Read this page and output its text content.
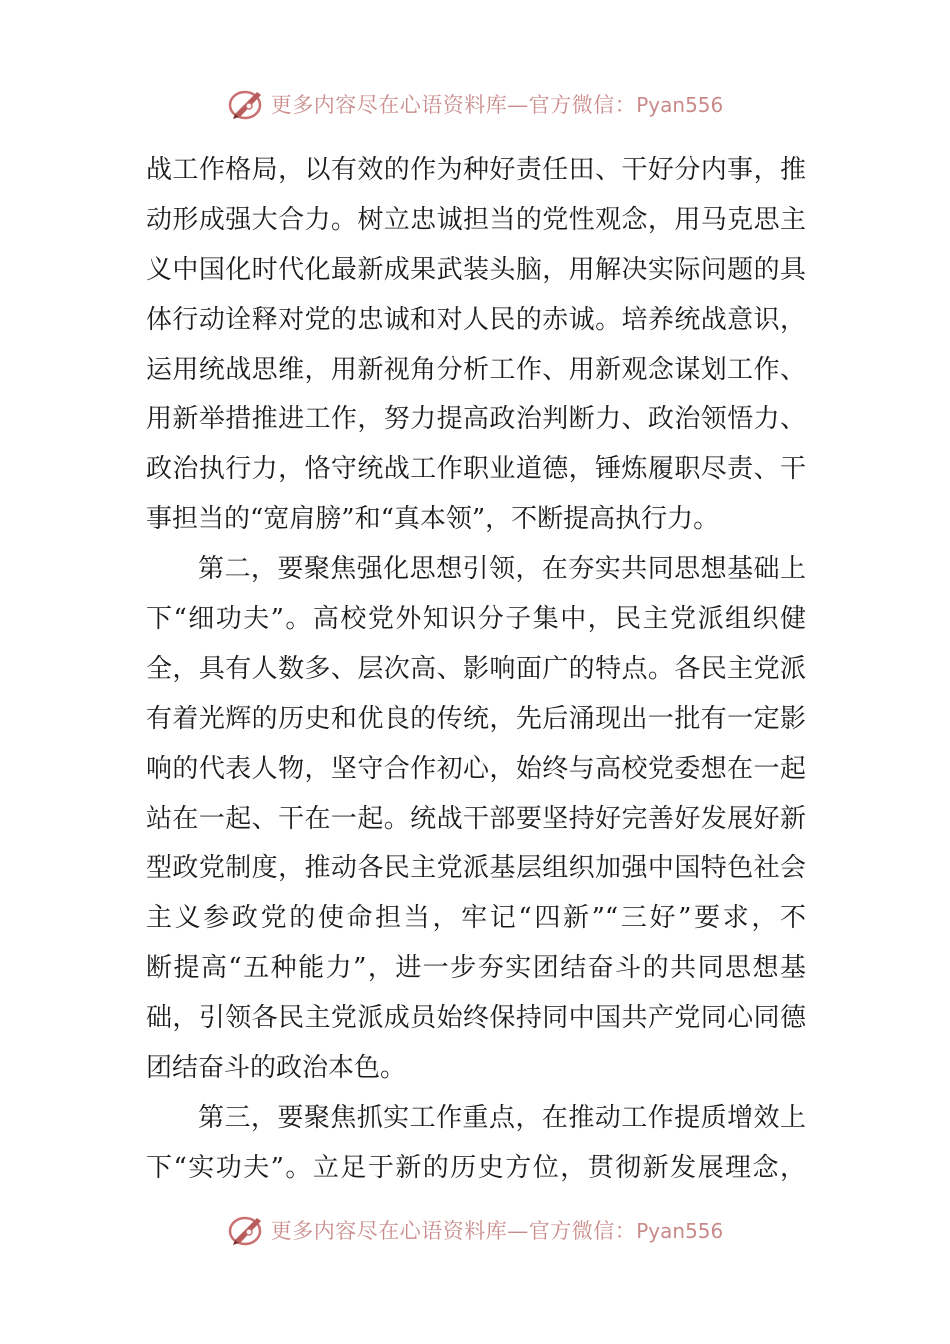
更多内容尽在心语资料库—官方微信：Pyan556
战工作格局，以有效的作为种好责任田、干好分内事，推
动形成强大合力。树立忠诚担当的党性观念，用马克思主
义中国化时代化最新成果武装头脑，用解决实际问题的具
体行动诠释对党的忠诚和对人民的赤诚。培养统战意识，
运用统战思维，用新视角分析工作、用新观念谋划工作、
用新举措推进工作，努力提高政治判断力、政治领悟力、
政治执行力，恪守统战工作职业道德，锤炼履职尽责、干
事担当的“宽肩膀”和“真本领”，不断提高执行力。
第二，要聚焦强化思想引领，在夯实共同思想基础上
下“细功夫”。高校党外知识分子集中，民主党派组织健
全，具有人数多、层次高、影响面广的特点。各民主党派
有着光辉的历史和优良的传统，先后涌现出一批有一定影
响的代表人物，坚守合作初心，始终与高校党委想在一起
站在一起、干在一起。统战干部要坚持好完善好发展好新
型政党制度，推动各民主党派基层组织加强中国特色社会
主义参政党的使命担当，牢记“四新”“三好”要求，不
断提高“五种能力”，进一步夯实团结奋斗的共同思想基
础，引领各民主党派成员始终保持同中国共产党同心同德
团结奋斗的政治本色。
第三，要聚焦抓实工作重点，在推动工作提质增效上
下“实功夫”。立足于新的历史方位，贯彻新发展理念，
更多内容尽在心语资料库—官方微信：Pyan556
